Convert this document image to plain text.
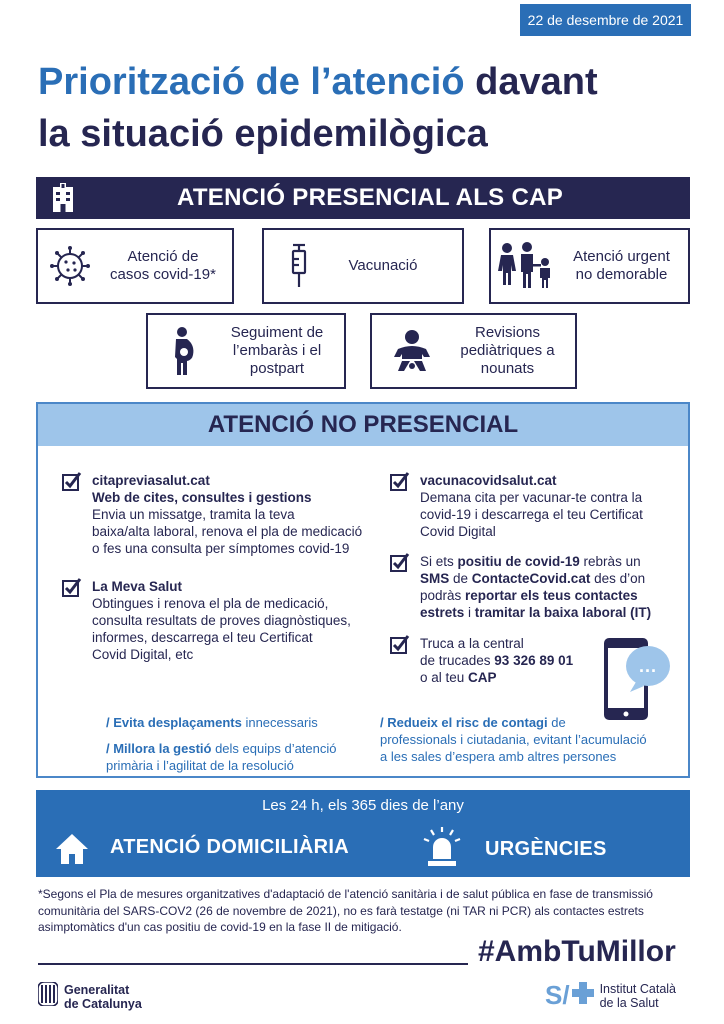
22 de desembre de 2021
Priorització de l’atenció davant
la situació epidemilògica
ATENCIÓ PRESENCIAL ALS CAP
Atenció de
casos covid-19*
Vacunació
Atenció urgent
no demorable
Seguiment de
l’embaràs i el
postpart
Revisions
pediàtriques a
nounats
ATENCIÓ NO PRESENCIAL
citapreviasalut.cat
Web de cites, consultes i gestions
Envia un missatge, tramita la teva
baixa/alta laboral, renova el pla de medicació
o fes una consulta per símptomes covid-19
La Meva Salut
Obtingues i renova el pla de medicació,
consulta resultats de proves diagnòstiques,
informes, descarrega el teu Certificat
Covid Digital, etc
vacunacovidsalut.cat
Demana cita per vacunar-te contra la
covid-19 i descarrega el teu Certificat
Covid Digital
Si ets positiu de covid-19 rebràs un
SMS de ContacteCovid.cat des d’on
podràs reportar els teus contactes
estrets i tramitar la baixa laboral (IT)
Truca a la central
de trucades 93 326 89 01
o al teu CAP
...
/ Evita desplaçaments innecessaris
/ Millora la gestió dels equips d’atenció
primària i l’agilitat de la resolució
/ Redueix el risc de contagi de
professionals i ciutadania, evitant l’acumulació
a les sales d’espera amb altres persones
Les 24 h, els 365 dies de l’any
ATENCIÓ DOMICILIÀRIA	URGÈNCIES
*Segons el Pla de mesures organitzatives d'adaptació de l'atenció sanitària i de salut pública en fase de transmissió
comunitària del SARS-COV2 (26 de novembre de 2021), no es farà testatge (ni TAR ni PCR) als contactes estrets
asimptomàtics d'un cas positiu de covid-19 en la fase II de mitigació.
#AmbTuMillor
Generalitat
de Catalunya	S/ Institut Català
de la Salut
